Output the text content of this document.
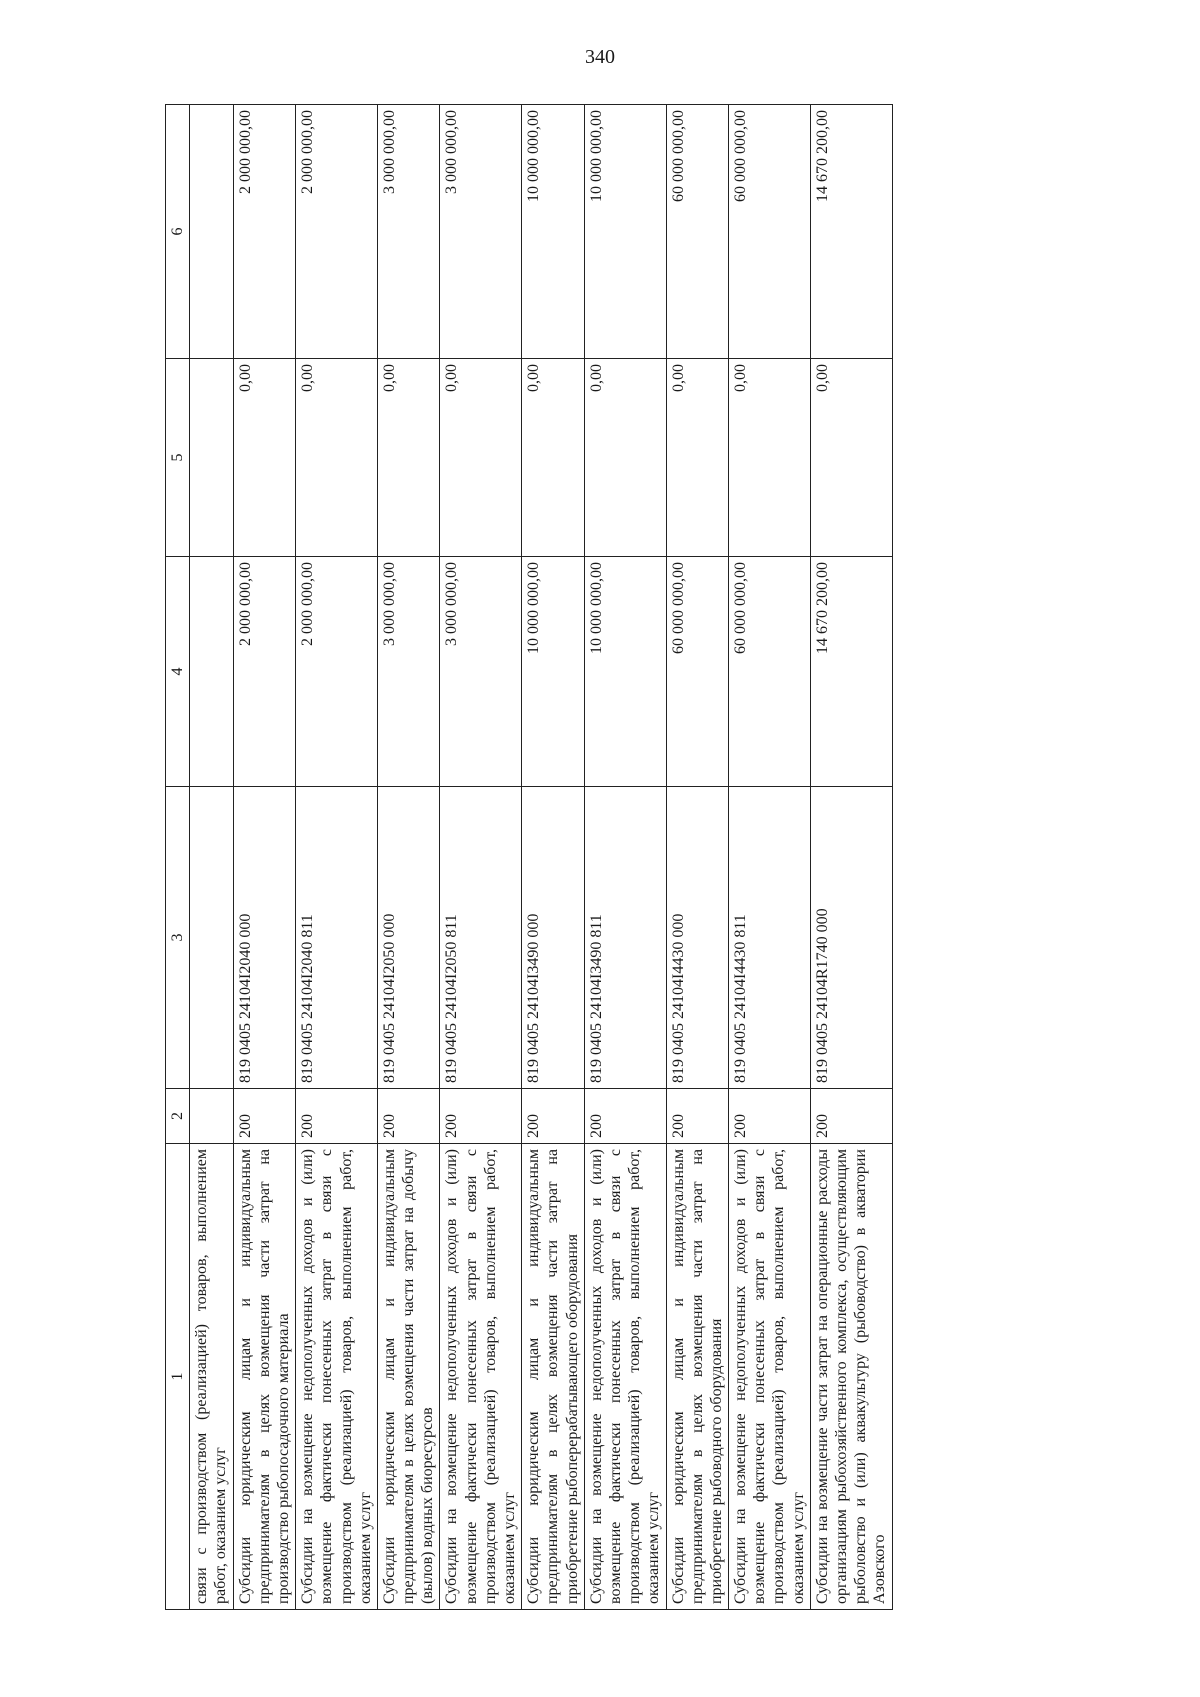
340
1	2	3	4	5	6
связи с производством (реализацией) товаров, выполнением работ, оказанием услуг					
Субсидии юридическим лицам и индивидуальным предпринимателям в целях возмещения части затрат на производство рыбопосадочного материала	200	819 0405 24104I2040 000	2 000 000,00	0,00	2 000 000,00
Субсидии на возмещение недополученных доходов и (или) возмещение фактически понесенных затрат в связи с производством (реализацией) товаров, выполнением работ, оказанием услуг	200	819 0405 24104I2040 811	2 000 000,00	0,00	2 000 000,00
Субсидии юридическим лицам и индивидуальным предпринимателям в целях возмещения части затрат на добычу (вылов) водных биоресурсов	200	819 0405 24104I2050 000	3 000 000,00	0,00	3 000 000,00
Субсидии на возмещение недополученных доходов и (или) возмещение фактически понесенных затрат в связи с производством (реализацией) товаров, выполнением работ, оказанием услуг	200	819 0405 24104I2050 811	3 000 000,00	0,00	3 000 000,00
Субсидии юридическим лицам и индивидуальным предпринимателям в целях возмещения части затрат на приобретение рыбоперерабатывающего оборудования	200	819 0405 24104I3490 000	10 000 000,00	0,00	10 000 000,00
Субсидии на возмещение недополученных доходов и (или) возмещение фактически понесенных затрат в связи с производством (реализацией) товаров, выполнением работ, оказанием услуг	200	819 0405 24104I3490 811	10 000 000,00	0,00	10 000 000,00
Субсидии юридическим лицам и индивидуальным предпринимателям в целях возмещения части затрат на приобретение рыбоводного оборудования	200	819 0405 24104I4430 000	60 000 000,00	0,00	60 000 000,00
Субсидии на возмещение недополученных доходов и (или) возмещение фактически понесенных затрат в связи с производством (реализацией) товаров, выполнением работ, оказанием услуг	200	819 0405 24104I4430 811	60 000 000,00	0,00	60 000 000,00
Субсидии на возмещение части затрат на операционные расходы организациям рыбохозяйственного комплекса, осуществляющим рыболовство и (или) аквакультуру (рыбоводство) в акватории Азовского	200	819 0405 24104R1740 000	14 670 200,00	0,00	14 670 200,00
